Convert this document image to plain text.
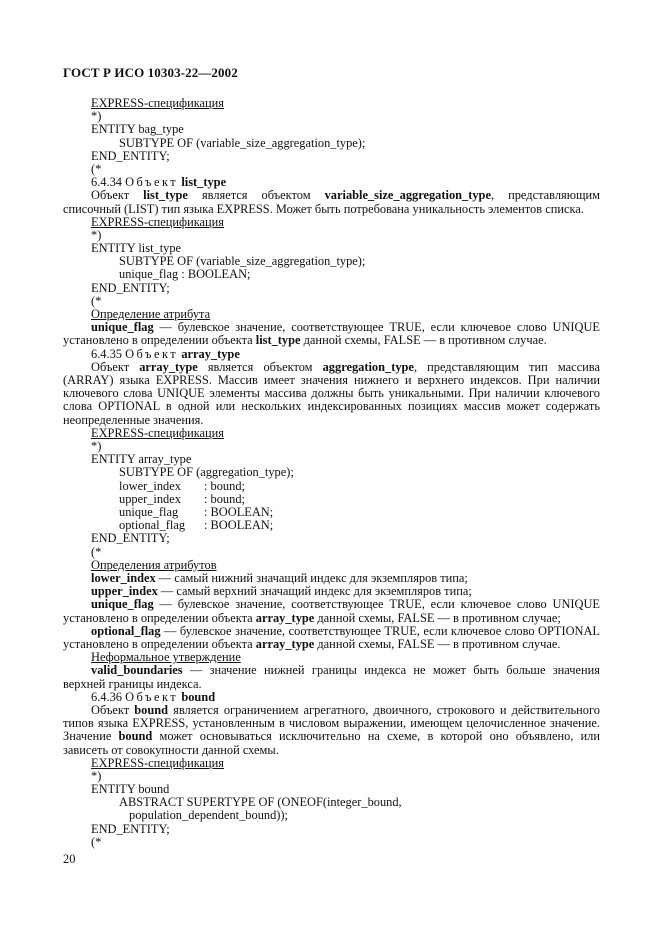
ГОСТ Р ИСО 10303-22—2002
EXPRESS-спецификация
*)
ENTITY bag_type
SUBTYPE OF (variable_size_aggregation_type);
END_ENTITY;
(*
6.4.34 Объект list_type
Объект list_type является объектом variable_size_aggregation_type, представляющим списочный (LIST) тип языка EXPRESS. Может быть потребована уникальность элементов списка.
EXPRESS-спецификация
*)
ENTITY list_type
SUBTYPE OF (variable_size_aggregation_type);
unique_flag : BOOLEAN;
END_ENTITY;
(*
Определение атрибута
unique_flag — булевское значение, соответствующее TRUE, если ключевое слово UNIQUE установлено в определении объекта list_type данной схемы, FALSE — в противном случае.
6.4.35 Объект array_type
Объект array_type является объектом aggregation_type, представляющим тип массива (ARRAY) языка EXPRESS. Массив имеет значения нижнего и верхнего индексов. При наличии ключевого слова UNIQUE элементы массива должны быть уникальными. При наличии ключевого слова OPTIONAL в одной или нескольких индексированных позициях массив может содержать неопределенные значения.
EXPRESS-спецификация
*)
ENTITY array_type
SUBTYPE OF (aggregation_type);
lower_index : bound;
upper_index : bound;
unique_flag : BOOLEAN;
optional_flag : BOOLEAN;
END_ENTITY;
(*
Определения атрибутов
lower_index — самый нижний значащий индекс для экземпляров типа;
upper_index — самый верхний значащий индекс для экземпляров типа;
unique_flag — булевское значение, соответствующее TRUE, если ключевое слово UNIQUE установлено в определении объекта array_type данной схемы, FALSE — в противном случае;
optional_flag — булевское значение, соответствующее TRUE, если ключевое слово OPTIONAL установлено в определении объекта array_type данной схемы, FALSE — в противном случае.
Неформальное утверждение
valid_boundaries — значение нижней границы индекса не может быть больше значения верхней границы индекса.
6.4.36 Объект bound
Объект bound является ограничением агрегатного, двоичного, строкового и действительного типов языка EXPRESS, установленным в числовом выражении, имеющем целочисленное значение. Значение bound может основываться исключительно на схеме, в которой оно объявлено, или зависеть от совокупности данной схемы.
EXPRESS-спецификация
*)
ENTITY bound
ABSTRACT SUPERTYPE OF (ONEOF(integer_bound,
population_dependent_bound));
END_ENTITY;
(*
20
